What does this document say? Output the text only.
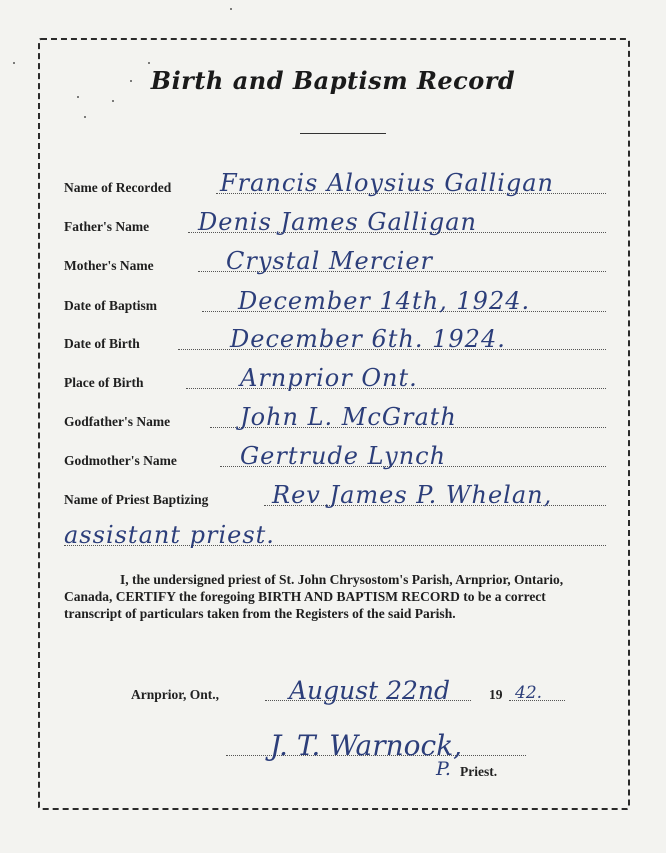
Birth and Baptism Record
Name of Recorded Francis Aloysius Galligan
Father's Name Denis James Galligan
Mother's Name	Crystal Mercier
Date of Baptism	December 14th, 1924.
Date of Birth	December 6th. 1924.
Place of Birth	Arnprior Ont.
Godfather's Name	John L. McGrath
Godmother's Name	Gertrude Lynch
Name of Priest Baptizing	Rev James P. Whelan,
assistant priest.
I, the undersigned priest of St. John Chrysostom's Parish, Arnprior, Ontario, Canada, CERTIFY the foregoing BIRTH AND BAPTISM RECORD to be a correct transcript of particulars taken from the Registers of the said Parish.
Arnprior, Ont.,	August 22nd	19 42.
J. T. Warnock,
P. Priest.
